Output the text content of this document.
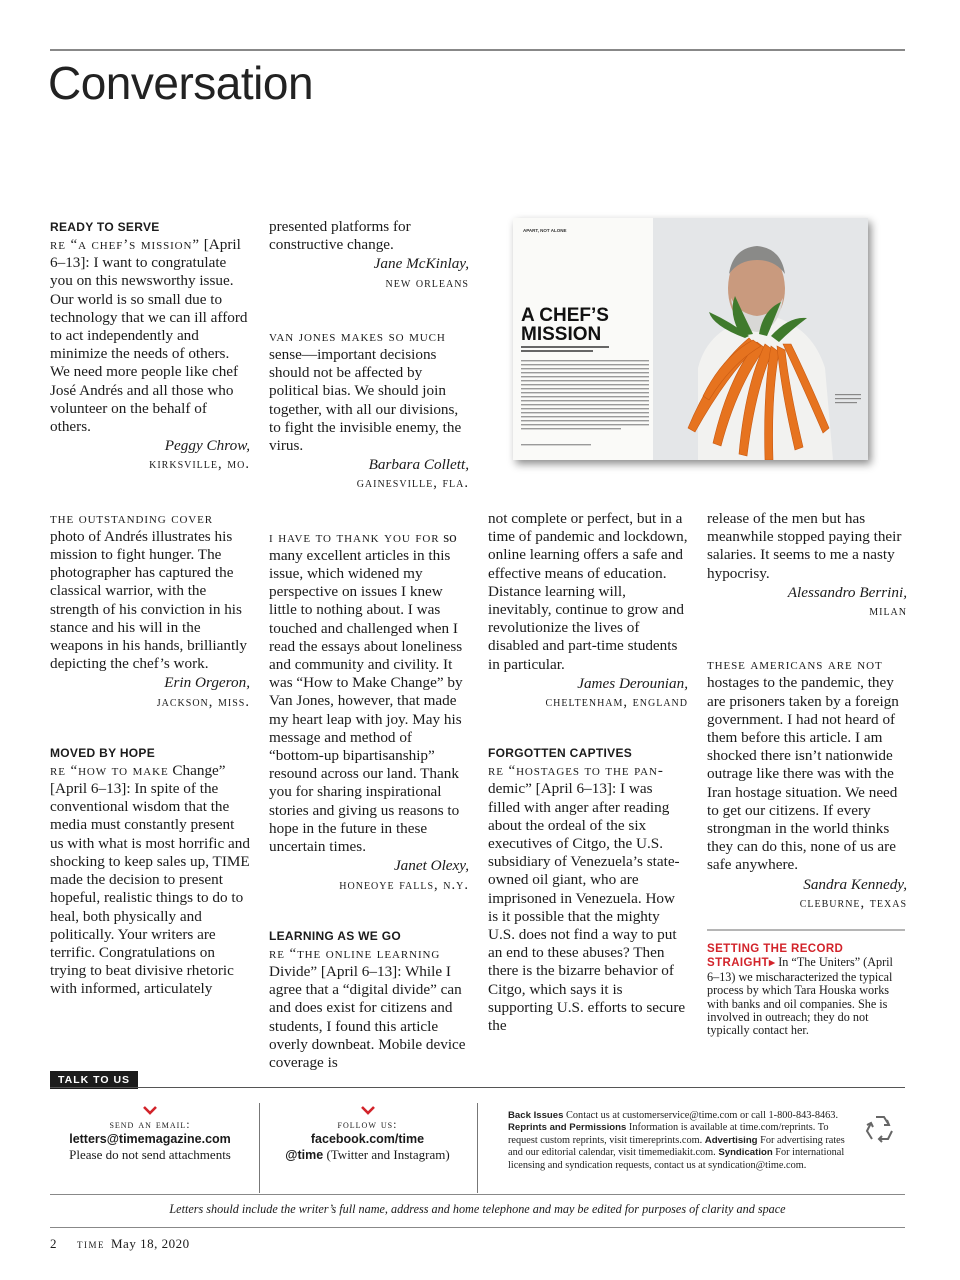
Conversation
READY TO SERVE

re “a chef’s mission” [April 6–13]: I want to congratulate you on this newsworthy issue. Our world is so small due to technology that we can ill afford to act independently and minimize the needs of others. We need more people like chef José Andrés and all those who volunteer on the behalf of others.

Peggy Chrow,
kirksville, mo.

the outstanding cover photo of Andrés illustrates his mission to fight hunger. The photographer has captured the classical warrior, with the strength of his conviction in his stance and his will in the weapons in his hands, brilliantly depicting the chef’s work.

Erin Orgeron,
jackson, miss.
MOVED BY HOPE

re “how to make Change” [April 6–13]: In spite of the conventional wisdom that the media must constantly present us with what is most horrific and shocking to keep sales up, TIME made the decision to present hopeful, realistic things to do to heal, both physically and politically. Your writers are terrific. Congratulations on trying to beat divisive rhetoric with informed, articulately

presented platforms for constructive change.

Jane McKinlay,
new orleans

van jones makes so much sense—important decisions should not be affected by political bias. We should join together, with all our divisions, to fight the invisible enemy, the virus.

Barbara Collett,
gainesville, fla.

i have to thank you for so many excellent articles in this issue, which widened my perspective on issues I knew little to nothing about. I was touched and challenged when I read the essays about loneliness and community and civility. It was “How to Make Change” by Van Jones, however, that made my heart leap with joy. May his message and method of “bottom-up bipartisanship” resound across our land. Thank you for sharing inspirational stories and giving us reasons to hope in the future in these uncertain times.

Janet Olexy,
honeoye falls, n.y.
LEARNING AS WE GO

re “the online learning Divide” [April 6–13]: While I agree that a “digital divide” can and does exist for citizens and students, I found this article overly downbeat. Mobile device coverage is

not complete or perfect, but in a time of pandemic and lockdown, online learning offers a safe and effective means of education. Distance learning will, inevitably, continue to grow and revolutionize the lives of disabled and part-time students in particular.

James Derounian,
cheltenham, england
FORGOTTEN CAPTIVES

re “hostages to the pan-demic” [April 6–13]: I was filled with anger after reading about the ordeal of the six executives of Citgo, the U.S. subsidiary of Venezuela’s state-owned oil giant, who are imprisoned in Venezuela. How is it possible that the mighty U.S. does not find a way to put an end to these abuses? Then there is the bizarre behavior of Citgo, which says it is supporting U.S. efforts to secure the

release of the men but has meanwhile stopped paying their salaries. It seems to me a nasty hypocrisy.

Alessandro Berrini,
milan

these americans are not hostages to the pandemic, they are prisoners taken by a foreign government. I had not heard of them before this article. I am shocked there isn’t nationwide outrage like there was with the Iran hostage situation. We need to get our citizens. If every strongman in the world thinks they can do this, none of us are safe anywhere.

Sandra Kennedy,
cleburne, texas
APART, NOT ALONE
A CHEF’S
MISSION
SETTING THE RECORD STRAIGHT▸ In “The Uniters” (April 6–13) we mischaracterized the typical process by which Tara Houska works with banks and oil companies. She is involved in outreach; they do not typically contact her.
TALK TO US
send an email:
letters@timemagazine.com
Please do not send attachments
follow us:
facebook.com/time
@time (Twitter and Instagram)
Back Issues Contact us at customerservice@time.com or call 1-800-843-8463. Reprints and Permissions Information is available at time.com/reprints. To request custom reprints, visit timereprints.com. Advertising For advertising rates and our editorial calendar, visit timemediakit.com. Syndication For international licensing and syndication requests, contact us at syndication@time.com.
Letters should include the writer’s full name, address and home telephone and may be edited for purposes of clarity and space
2 time May 18, 2020
